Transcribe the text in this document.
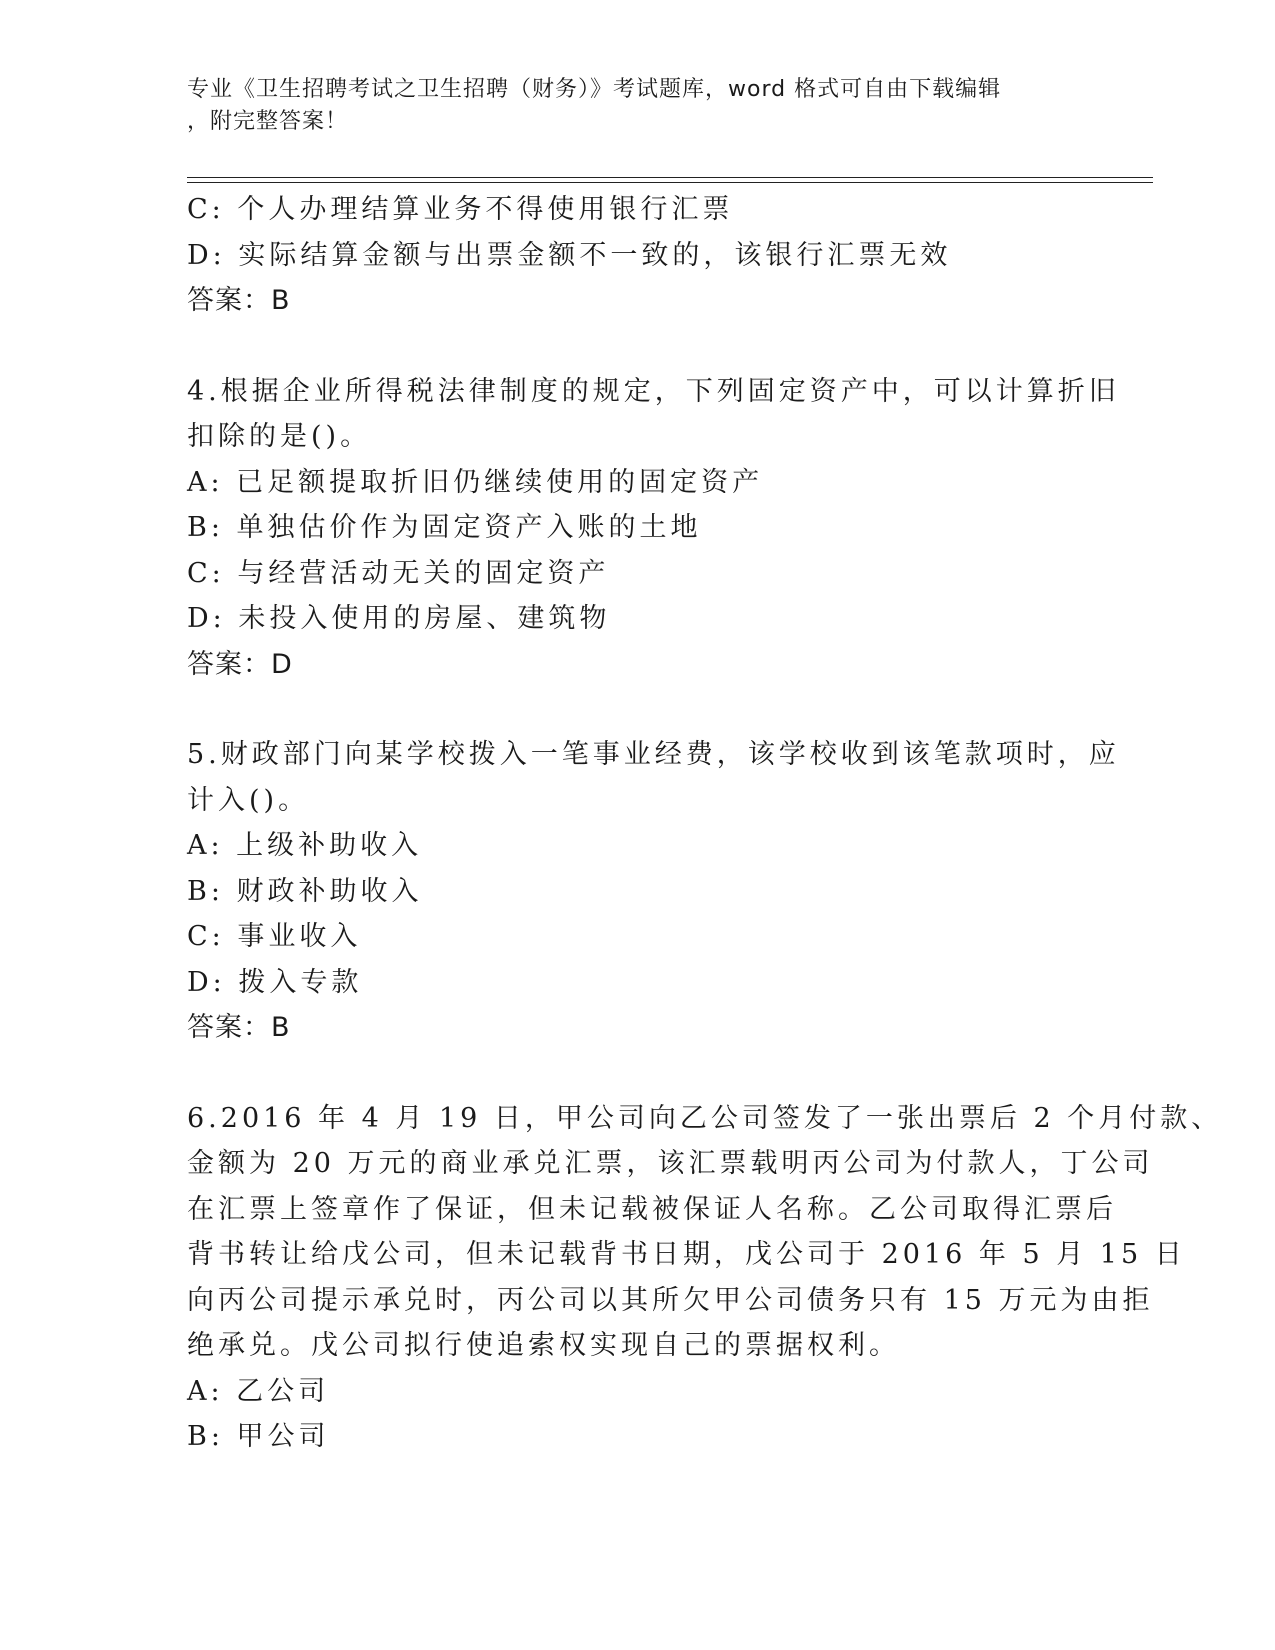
专业《卫生招聘考试之卫生招聘（财务）》考试题库，word 格式可自由下载编辑
，附完整答案！

C: 个人办理结算业务不得使用银行汇票

D: 实际结算金额与出票金额不一致的，该银行汇票无效

答案：B

4.根据企业所得税法律制度的规定，下列固定资产中，可以计算折旧

扣除的是()。

A: 已足额提取折旧仍继续使用的固定资产

B: 单独估价作为固定资产入账的土地

C: 与经营活动无关的固定资产

D: 未投入使用的房屋、建筑物

答案：D

5.财政部门向某学校拨入一笔事业经费，该学校收到该笔款项时，应

计入()。

A: 上级补助收入

B: 财政补助收入

C: 事业收入

D: 拨入专款

答案：B

6.2016 年 4 月 19 日，甲公司向乙公司签发了一张出票后 2 个月付款、

金额为 20 万元的商业承兑汇票，该汇票载明丙公司为付款人，丁公司

在汇票上签章作了保证，但未记载被保证人名称。乙公司取得汇票后

背书转让给戊公司，但未记载背书日期，戊公司于 2016 年 5 月 15 日

向丙公司提示承兑时，丙公司以其所欠甲公司债务只有 15 万元为由拒

绝承兑。戊公司拟行使追索权实现自己的票据权利。

A: 乙公司

B: 甲公司
